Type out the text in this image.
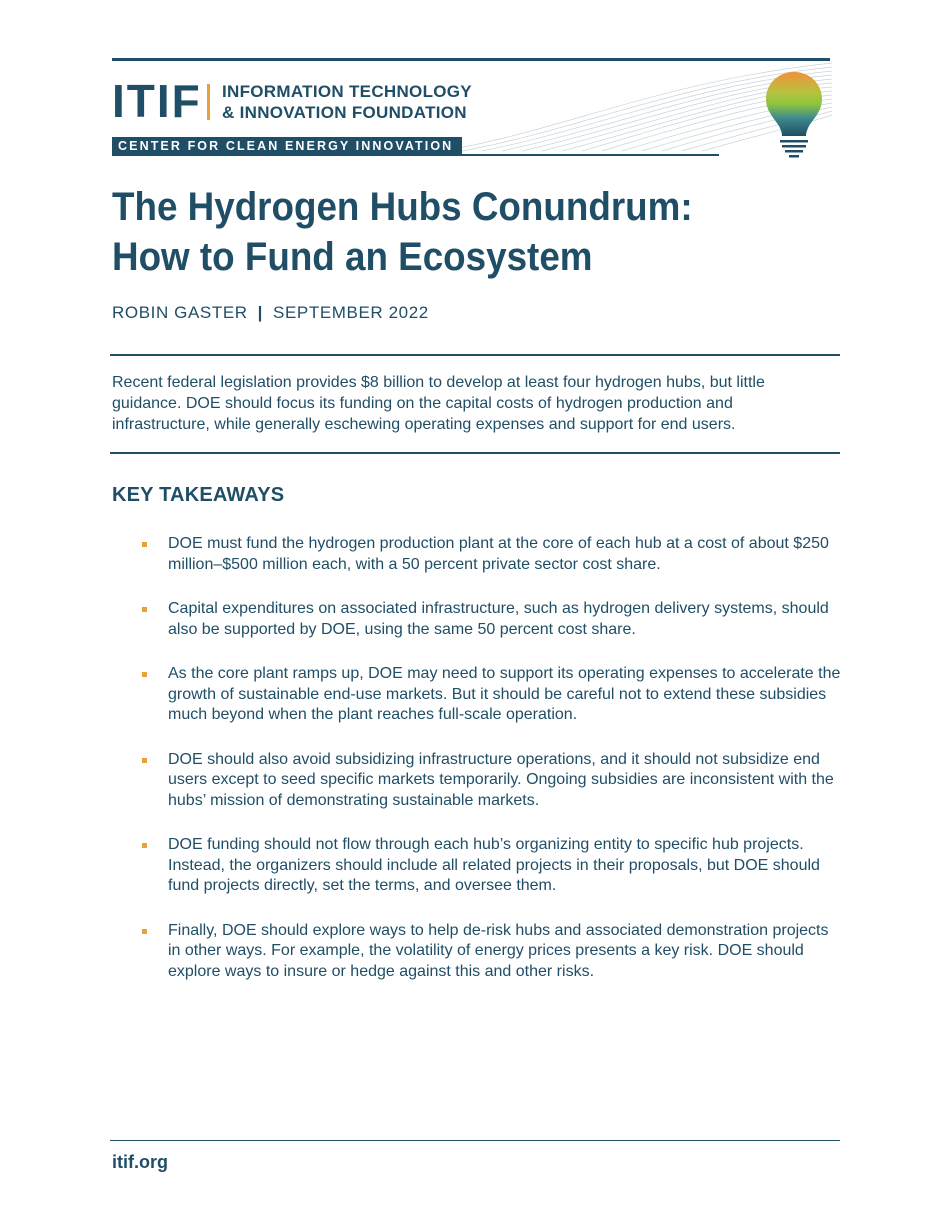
ITIF INFORMATION TECHNOLOGY
& INNOVATION FOUNDATION
CENTER FOR CLEAN ENERGY INNOVATION
The Hydrogen Hubs Conundrum:
How to Fund an Ecosystem
ROBIN GASTER | SEPTEMBER 2022

Recent federal legislation provides $8 billion to develop at least four hydrogen hubs, but little guidance. DOE should focus its funding on the capital costs of hydrogen production and infrastructure, while generally eschewing operating expenses and support for end users.

KEY TAKEAWAYS
DOE must fund the hydrogen production plant at the core of each hub at a cost of about $250 million–$500 million each, with a 50 percent private sector cost share.
Capital expenditures on associated infrastructure, such as hydrogen delivery systems, should also be supported by DOE, using the same 50 percent cost share.
As the core plant ramps up, DOE may need to support its operating expenses to accelerate the growth of sustainable end-use markets. But it should be careful not to extend these subsidies much beyond when the plant reaches full-scale operation.
DOE should also avoid subsidizing infrastructure operations, and it should not subsidize end users except to seed specific markets temporarily. Ongoing subsidies are inconsistent with the hubs’ mission of demonstrating sustainable markets.
DOE funding should not flow through each hub’s organizing entity to specific hub projects. Instead, the organizers should include all related projects in their proposals, but DOE should fund projects directly, set the terms, and oversee them.
Finally, DOE should explore ways to help de-risk hubs and associated demonstration projects in other ways. For example, the volatility of energy prices presents a key risk. DOE should explore ways to insure or hedge against this and other risks.
itif.org
